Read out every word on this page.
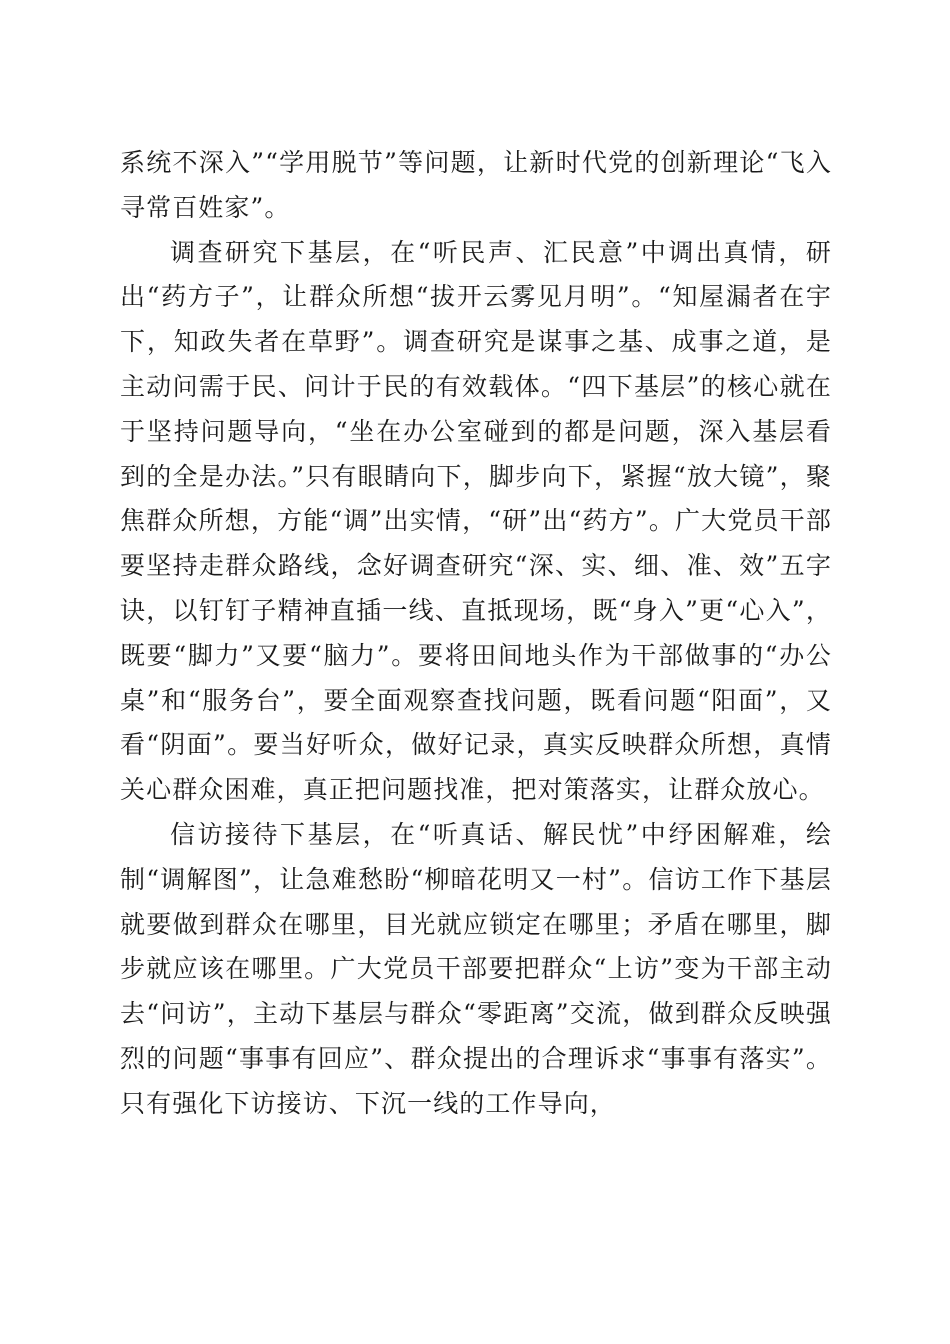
系统不深入”“学用脱节”等问题，让新时代党的创新理论“飞入寻常百姓家”。

调查研究下基层，在“听民声、汇民意”中调出真情，研出“药方子”，让群众所想“拔开云雾见月明”。“知屋漏者在宇下，知政失者在草野”。调查研究是谋事之基、成事之道，是主动问需于民、问计于民的有效载体。“四下基层”的核心就在于坚持问题导向，“坐在办公室碰到的都是问题，深入基层看到的全是办法。”只有眼睛向下，脚步向下，紧握“放大镜”，聚焦群众所想，方能“调”出实情，“研”出“药方”。广大党员干部要坚持走群众路线，念好调查研究“深、实、细、准、效”五字诀，以钉钉子精神直插一线、直抵现场，既“身入”更“心入”，既要“脚力”又要“脑力”。要将田间地头作为干部做事的“办公桌”和“服务台”，要全面观察查找问题，既看问题“阳面”，又看“阴面”。要当好听众，做好记录，真实反映群众所想，真情关心群众困难，真正把问题找准，把对策落实，让群众放心。

信访接待下基层，在“听真话、解民忧”中纾困解难，绘制“调解图”，让急难愁盼“柳暗花明又一村”。信访工作下基层就要做到群众在哪里，目光就应锁定在哪里；矛盾在哪里，脚步就应该在哪里。广大党员干部要把群众“上访”变为干部主动去“问访”，主动下基层与群众“零距离”交流，做到群众反映强烈的问题“事事有回应”、群众提出的合理诉求“事事有落实”。只有强化下访接访、下沉一线的工作导向，
